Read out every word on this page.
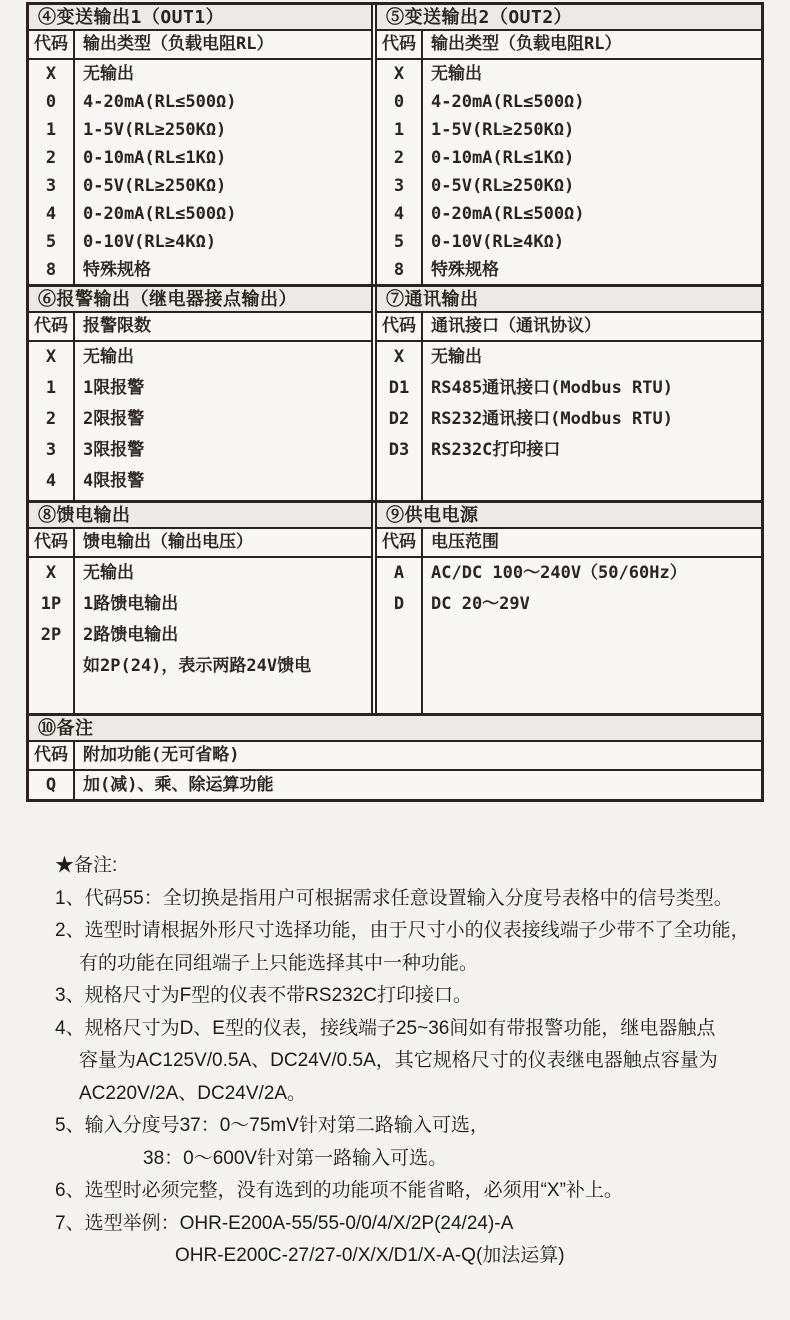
④变送输出1（OUT1）
代码 输出类型（负载电阻RL）
X
0
1
2
3
4
5
8
无输出
4-20mA(RL≤500Ω)
1-5V(RL≥250KΩ)
0-10mA(RL≤1KΩ)
0-5V(RL≥250KΩ)
0-20mA(RL≤500Ω)
0-10V(RL≥4KΩ)
特殊规格
⑤变送输出2（OUT2）
代码 输出类型（负载电阻RL）
X
0
1
2
3
4
5
8
无输出
4-20mA(RL≤500Ω)
1-5V(RL≥250KΩ)
0-10mA(RL≤1KΩ)
0-5V(RL≥250KΩ)
0-20mA(RL≤500Ω)
0-10V(RL≥4KΩ)
特殊规格
⑥报警输出（继电器接点输出）
代码 报警限数
X
1
2
3
4
无输出
1限报警
2限报警
3限报警
4限报警
⑦通讯输出
代码 通讯接口（通讯协议）
X
D1
D2
D3
无输出
RS485通讯接口(Modbus RTU)
RS232通讯接口(Modbus RTU)
RS232C打印接口
⑧馈电输出
代码 馈电输出（输出电压）
X
1P
2P
无输出
1路馈电输出
2路馈电输出
如2P(24)，表示两路24V馈电
⑨供电电源
代码 电压范围
A
D
AC/DC 100～240V（50/60Hz）
DC 20～29V
⑩备注
代码 附加功能(无可省略)
Q	加(减)、乘、除运算功能
★备注:
1、代码55：全切换是指用户可根据需求任意设置输入分度号表格中的信号类型。
2、选型时请根据外形尺寸选择功能，由于尺寸小的仪表接线端子少带不了全功能，
有的功能在同组端子上只能选择其中一种功能。
3、规格尺寸为F型的仪表不带RS232C打印接口。
4、规格尺寸为D、E型的仪表，接线端子25~36间如有带报警功能，继电器触点
容量为AC125V/0.5A、DC24V/0.5A，其它规格尺寸的仪表继电器触点容量为
AC220V/2A、DC24V/2A。
5、输入分度号37：0～75mV针对第二路输入可选，
38：0～600V针对第一路输入可选。
6、选型时必须完整，没有选到的功能项不能省略，必须用“X”补上。
7、选型举例：OHR-E200A-55/55-0/0/4/X/2P(24/24)-A
OHR-E200C-27/27-0/X/X/D1/X-A-Q(加法运算)
